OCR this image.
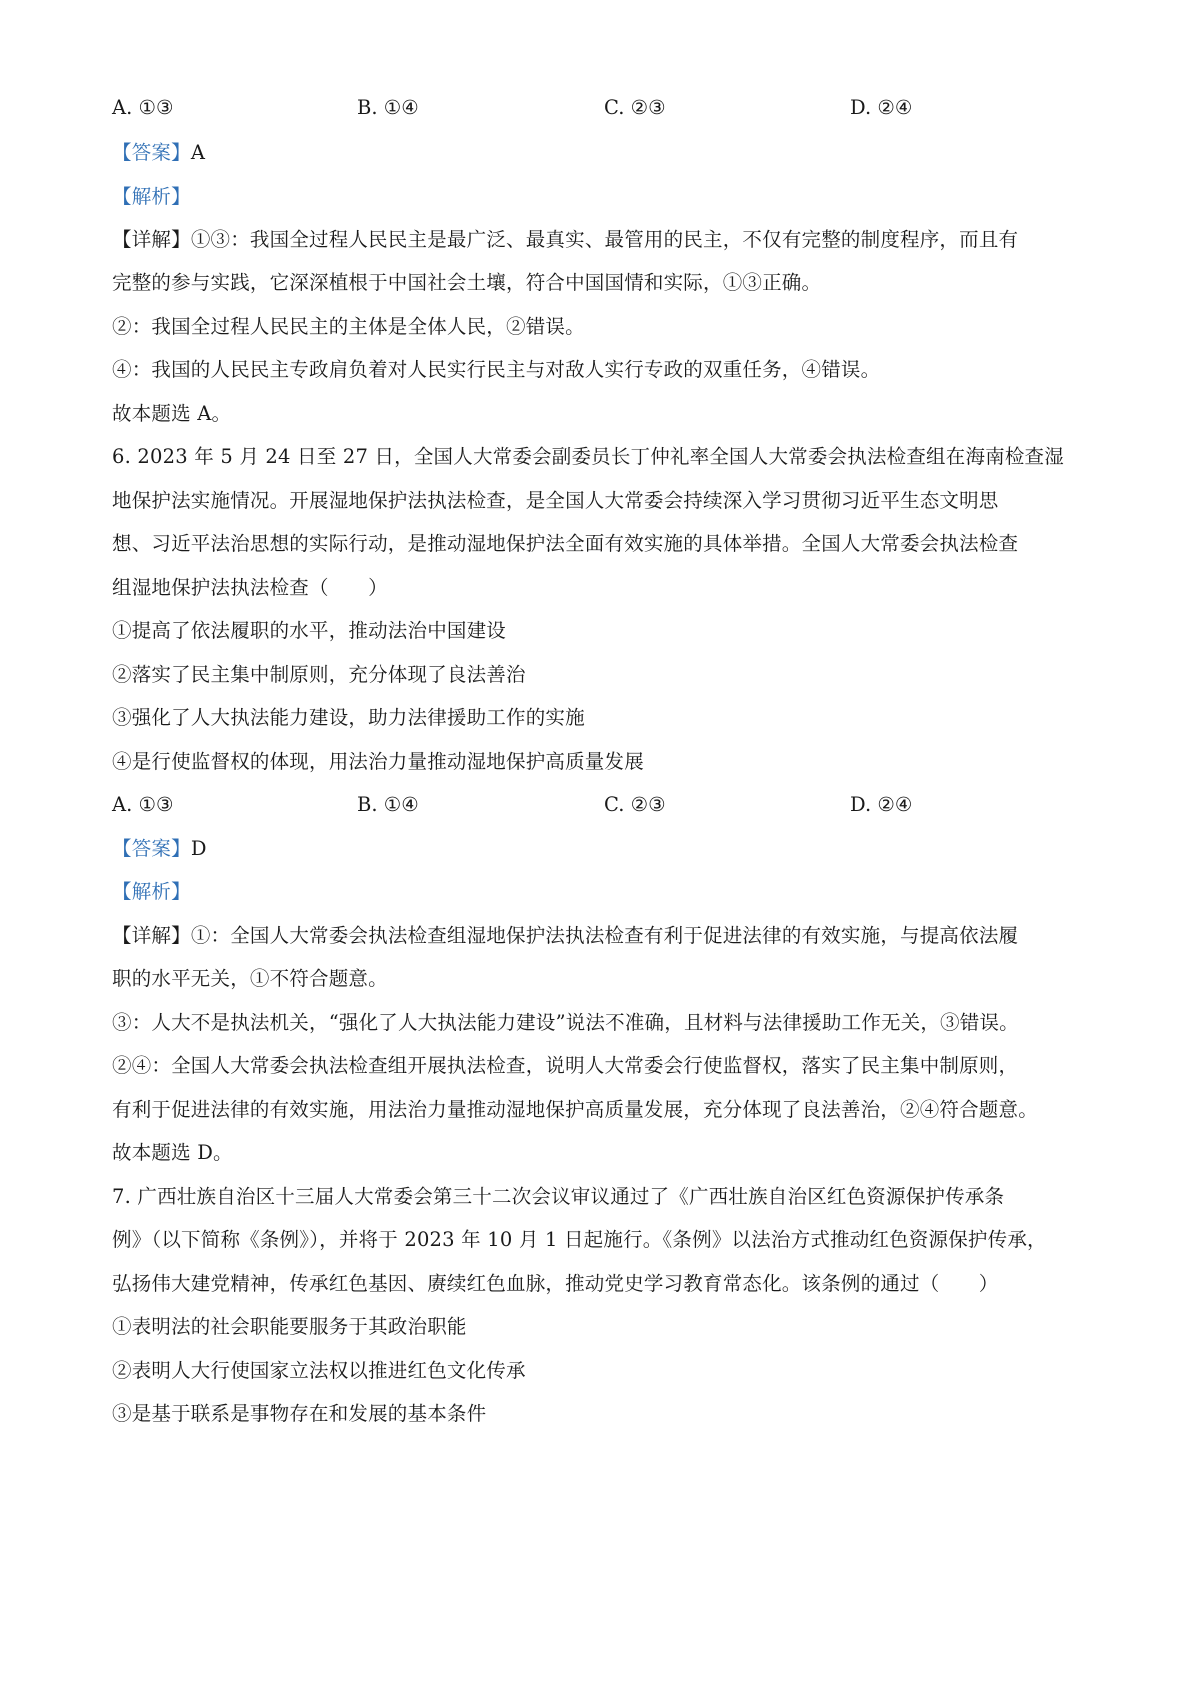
A. ①③	B. ①④	C. ②③	D. ②④
【答案】A
【解析】
【详解】①③：我国全过程人民民主是最广泛、最真实、最管用的民主，不仅有完整的制度程序，而且有
完整的参与实践，它深深植根于中国社会土壤，符合中国国情和实际，①③正确。
②：我国全过程人民民主的主体是全体人民，②错误。
④：我国的人民民主专政肩负着对人民实行民主与对敌人实行专政的双重任务，④错误。
故本题选 A。
6. 2023 年 5 月 24 日至 27 日，全国人大常委会副委员长丁仲礼率全国人大常委会执法检查组在海南检查湿
地保护法实施情况。开展湿地保护法执法检查，是全国人大常委会持续深入学习贯彻习近平生态文明思
想、习近平法治思想的实际行动，是推动湿地保护法全面有效实施的具体举措。全国人大常委会执法检查
组湿地保护法执法检查（　　）
①提高了依法履职的水平，推动法治中国建设
②落实了民主集中制原则，充分体现了良法善治
③强化了人大执法能力建设，助力法律援助工作的实施
④是行使监督权的体现，用法治力量推动湿地保护高质量发展
A. ①③	B. ①④	C. ②③	D. ②④
【答案】D
【解析】
【详解】①：全国人大常委会执法检查组湿地保护法执法检查有利于促进法律的有效实施，与提高依法履
职的水平无关，①不符合题意。
③：人大不是执法机关，“强化了人大执法能力建设”说法不准确，且材料与法律援助工作无关，③错误。
②④：全国人大常委会执法检查组开展执法检查，说明人大常委会行使监督权，落实了民主集中制原则，
有利于促进法律的有效实施，用法治力量推动湿地保护高质量发展，充分体现了良法善治，②④符合题意。
故本题选 D。
7. 广西壮族自治区十三届人大常委会第三十二次会议审议通过了《广西壮族自治区红色资源保护传承条
例》（以下简称《条例》），并将于 2023 年 10 月 1 日起施行。《条例》以法治方式推动红色资源保护传承，
弘扬伟大建党精神，传承红色基因、赓续红色血脉，推动党史学习教育常态化。该条例的通过（　　）
①表明法的社会职能要服务于其政治职能
②表明人大行使国家立法权以推进红色文化传承
③是基于联系是事物存在和发展的基本条件
